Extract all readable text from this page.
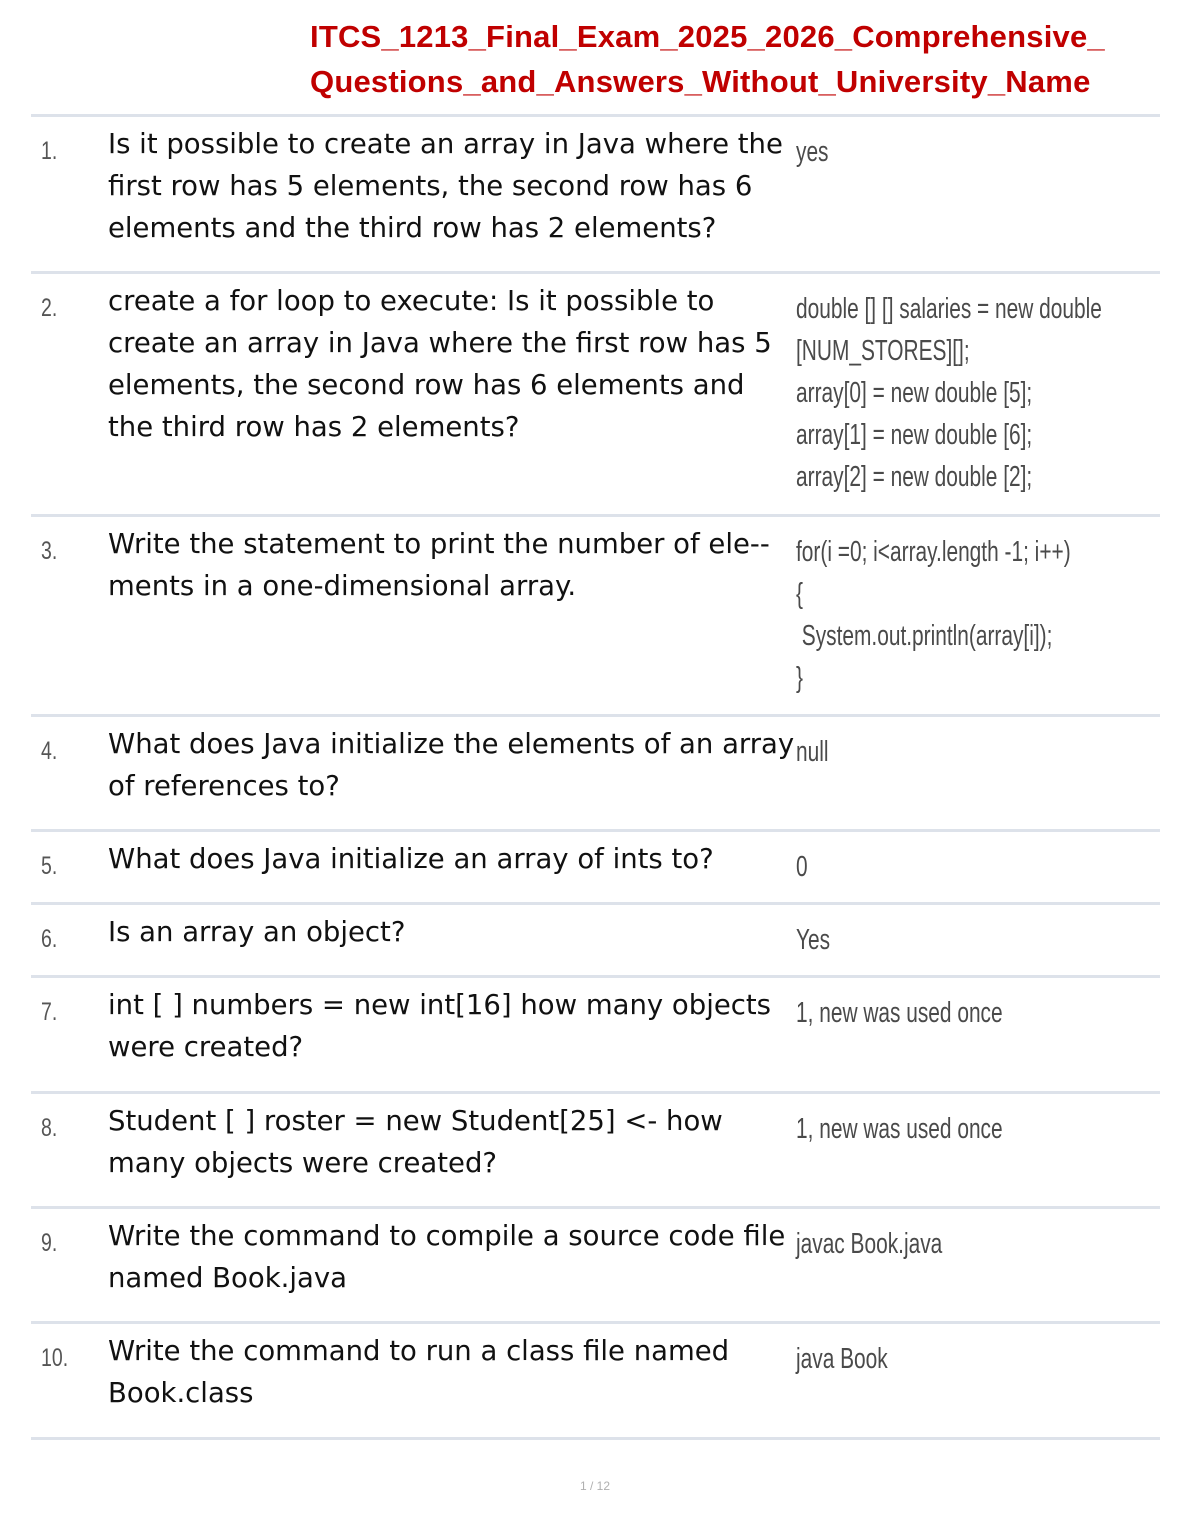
ITCS_1213_Final_Exam_2025_2026_Comprehensive_
Questions_and_Answers_Without_University_Name
1. Is it possible to create an array in Java where the first row has 5 elements, the second row has 6 elements and the third row has 2 elements?
yes
2. create a for loop to execute: Is it possible to create an array in Java where the first row has 5 elements, the second row has 6 elements and the third row has 2 elements?
double [] [] salaries = new double
[NUM_STORES][];
array[0] = new double [5];
array[1] = new double [6];
array[2] = new double [2];
3. Write the statement to print the number of ele-ments in a one-dimensional array.
for(i =0; i<array.length -1; i++)
{
System.out.println(array[i]);
}
4. What does Java initialize the elements of an array of references to?
null
5. What does Java initialize an array of ints to?	0
6. Is an array an object?	Yes
7. int [ ] numbers = new int[16] how many objects were created?
1, new was used once
8. Student [ ] roster = new Student[25] <- how many objects were created?
1, new was used once
9. Write the command to compile a source code file named Book.java
javac Book.java
10. Write the command to run a class file named Book.class
java Book
1 / 12
